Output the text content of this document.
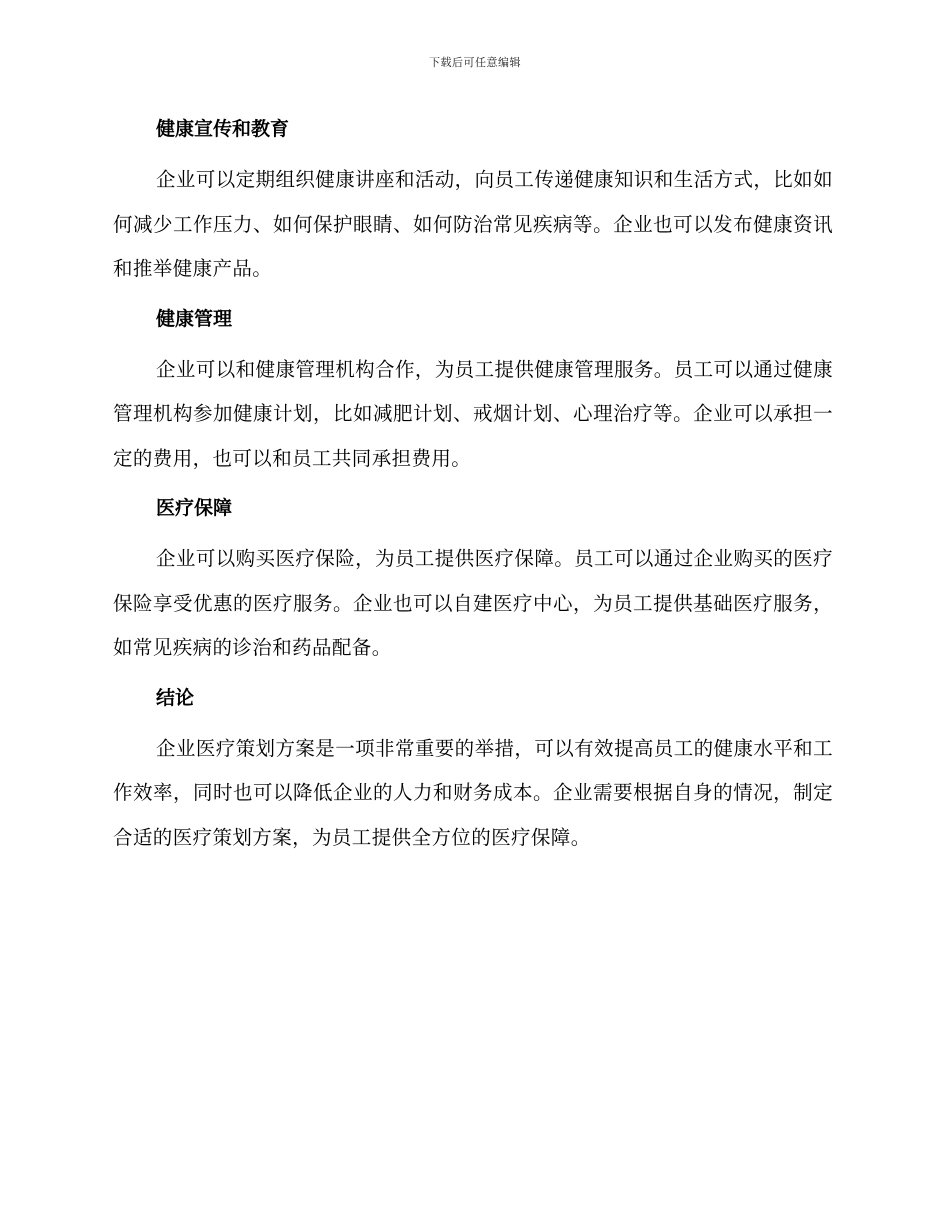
下载后可任意编辑
健康宣传和教育

企业可以定期组织健康讲座和活动，向员工传递健康知识和生活方式，比如如何减少工作压力、如何保护眼睛、如何防治常见疾病等。企业也可以发布健康资讯和推举健康产品。

健康管理

企业可以和健康管理机构合作，为员工提供健康管理服务。员工可以通过健康管理机构参加健康计划，比如减肥计划、戒烟计划、心理治疗等。企业可以承担一定的费用，也可以和员工共同承担费用。

医疗保障

企业可以购买医疗保险，为员工提供医疗保障。员工可以通过企业购买的医疗保险享受优惠的医疗服务。企业也可以自建医疗中心，为员工提供基础医疗服务，如常见疾病的诊治和药品配备。

结论

企业医疗策划方案是一项非常重要的举措，可以有效提高员工的健康水平和工作效率，同时也可以降低企业的人力和财务成本。企业需要根据自身的情况，制定合适的医疗策划方案，为员工提供全方位的医疗保障。
